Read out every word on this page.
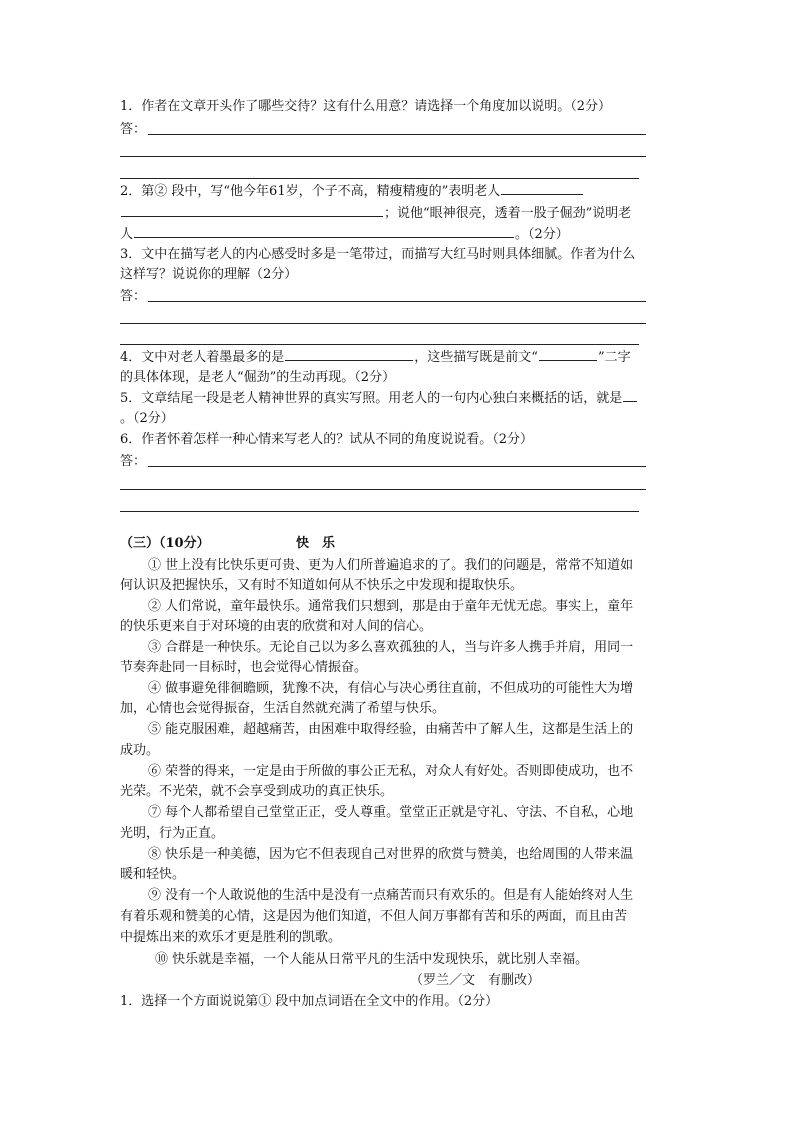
1．作者在文章开头作了哪些交待？这有什么用意？请选择一个角度加以说明。（2分）
答：
2．第② 段中，写“他今年61岁，个子不高，精瘦精瘦的”表明老人
；说他“眼神很亮，透着一股子倔劲”说明老
人	。（2分）
3．文中在描写老人的内心感受时多是一笔带过，而描写大红马时则具体细腻。作者为什么
这样写？说说你的理解（2分）
答：
4．文中对老人着墨最多的是	，这些描写既是前文“	”二字
的具体体现，是老人“倔劲”的生动再现。（2分）
5．文章结尾一段是老人精神世界的真实写照。用老人的一句内心独白来概括的话，就是
。（2分）
6．作者怀着怎样一种心情来写老人的？试从不同的角度说说看。（2分）
答：
（三）（10分）	快　乐
① 世上没有比快乐更可贵、更为人们所普遍追求的了。我们的问题是，常常不知道如
何认识及把握快乐，又有时不知道如何从不快乐之中发现和提取快乐。
② 人们常说，童年最快乐。通常我们只想到，那是由于童年无忧无虑。事实上，童年
的快乐更来自于对环境的由衷的欣赏和对人间的信心。
③ 合群是一种快乐。无论自己以为多么喜欢孤独的人，当与许多人携手并肩，用同一
节奏奔赴同一目标时，也会觉得心情振奋。
④ 做事避免徘徊瞻顾，犹豫不决，有信心与决心勇往直前，不但成功的可能性大为增
加，心情也会觉得振奋，生活自然就充满了希望与快乐。
⑤ 能克服困难，超越痛苦，由困难中取得经验，由痛苦中了解人生，这都是生活上的
成功。
⑥ 荣誉的得来，一定是由于所做的事公正无私，对众人有好处。否则即使成功，也不
光荣。不光荣，就不会享受到成功的真正快乐。
⑦ 每个人都希望自己堂堂正正，受人尊重。堂堂正正就是守礼、守法、不自私，心地
光明，行为正直。
⑧ 快乐是一种美德，因为它不但表现自己对世界的欣赏与赞美，也给周围的人带来温
暖和轻快。
⑨ 没有一个人敢说他的生活中是没有一点痛苦而只有欢乐的。但是有人能始终对人生
有着乐观和赞美的心情，这是因为他们知道，不但人间万事都有苦和乐的两面，而且由苦
中提炼出来的欢乐才更是胜利的凯歌。
⑩ 快乐就是幸福，一个人能从日常平凡的生活中发现快乐，就比别人幸福。
（罗兰／文　有删改）
1．选择一个方面说说第① 段中加点词语在全文中的作用。（2分）
